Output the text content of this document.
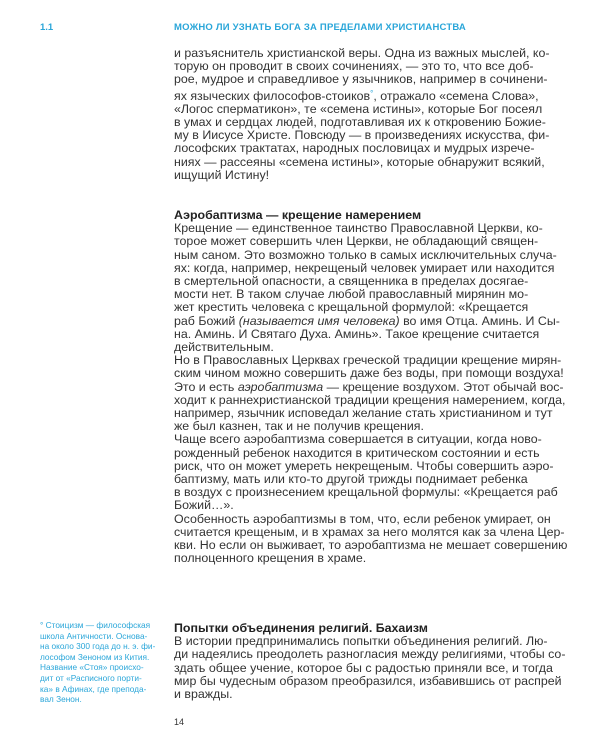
1.1	МОЖНО ЛИ УЗНАТЬ БОГА ЗА ПРЕДЕЛАМИ ХРИСТИАНСТВА
и разъяснитель христианской веры. Одна из важных мыслей, ко-
торую он проводит в своих сочинениях, — это то, что все доб-
рое, мудрое и справедливое у язычников, например в сочинени-
ях языческих философов-стоиков°, отражало «семена Слова»,
«Логос сперматикон», те «семена истины», которые Бог посеял
в умах и сердцах людей, подготавливая их к откровению Божие-
му в Иисусе Христе. Повсюду — в произведениях искусства, фи-
лософских трактатах, народных пословицах и мудрых изрече-
ниях — рассеяны «семена истины», которые обнаружит всякий,
ищущий Истину!
Аэробаптизма — крещение намерением
Крещение — единственное таинство Православной Церкви, ко-
торое может совершить член Церкви, не обладающий священ-
ным саном. Это возможно только в самых исключительных случа-
ях: когда, например, некрещеный человек умирает или находится
в смертельной опасности, а священника в пределах досягае-
мости нет. В таком случае любой православный мирянин мо-
жет крестить человека с крещальной формулой: «Крещается
раб Божий (называется имя человека) во имя Отца. Аминь. И Сы-
на. Аминь. И Святаго Духа. Аминь». Такое крещение считается
действительным.
Но в Православных Церквах греческой традиции крещение мирян-
ским чином можно совершить даже без воды, при помощи воздуха!
Это и есть аэробаптизма — крещение воздухом. Этот обычай вос-
ходит к раннехристианской традиции крещения намерением, когда,
например, язычник исповедал желание стать христианином и тут
же был казнен, так и не получив крещения.
Чаще всего аэробаптизма совершается в ситуации, когда ново-
рожденный ребенок находится в критическом состоянии и есть
риск, что он может умереть некрещеным. Чтобы совершить аэро-
баптизму, мать или кто-то другой трижды поднимает ребенка
в воздух с произнесением крещальной формулы: «Крещается раб
Божий…».
Особенность аэробаптизмы в том, что, если ребенок умирает, он
считается крещеным, и в храмах за него молятся как за члена Цер-
кви. Но если он выживает, то аэробаптизма не мешает совершению
полноценного крещения в храме.
Попытки объединения религий. Бахаизм
В истории предпринимались попытки объединения религий. Лю-
ди надеялись преодолеть разногласия между религиями, чтобы со-
здать общее учение, которое бы с радостью приняли все, и тогда
мир бы чудесным образом преобразился, избавившись от распрей
и вражды.
° Стоицизм — философская
школа Античности. Основа-
на около 300 года до н. э. фи-
лософом Зеноном из Кития.
Название «Стоя» происхо-
дит от «Расписного порти-
ка» в Афинах, где препода-
вал Зенон.
14
